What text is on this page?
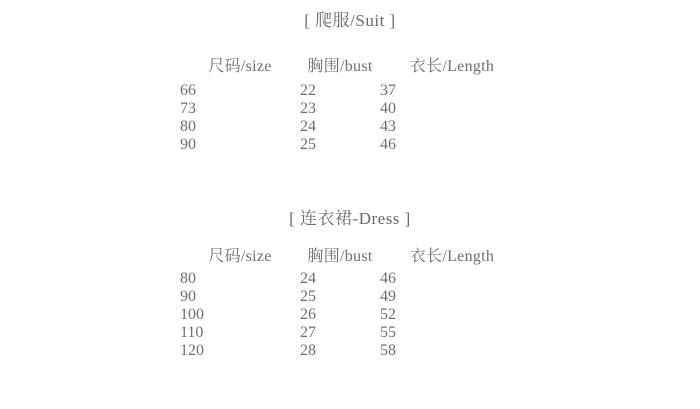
[ 爬服/Suit ]
尺码/size	胸围/bust	衣长/Length
66	22	37
73	23	40
80	24	43
90	25	46
[ 连衣裙-Dress ]
尺码/size	胸围/bust	衣长/Length
80	24	46
90	25	49
100	26	52
110	27	55
120	28	58
